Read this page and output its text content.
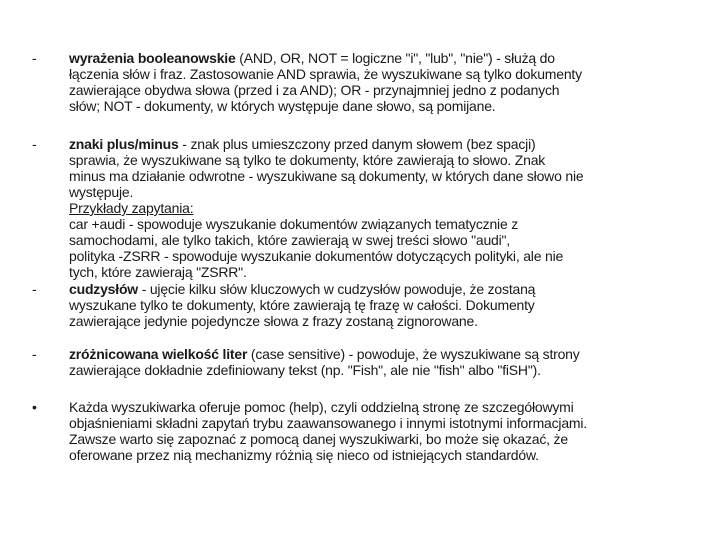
- wyrażenia booleanowskie (AND, OR, NOT = logiczne "i", "lub", "nie") - służą do
łączenia słów i fraz. Zastosowanie AND sprawia, że wyszukiwane są tylko dokumenty
zawierające obydwa słowa (przed i za AND); OR - przynajmniej jedno z podanych
słów; NOT - dokumenty, w których występuje dane słowo, są pomijane.
- znaki plus/minus - znak plus umieszczony przed danym słowem (bez spacji)
sprawia, że wyszukiwane są tylko te dokumenty, które zawierają to słowo. Znak
minus ma działanie odwrotne - wyszukiwane są dokumenty, w których dane słowo nie
występuje.
Przykłady zapytania:
car +audi - spowoduje wyszukanie dokumentów związanych tematycznie z
samochodami, ale tylko takich, które zawierają w swej treści słowo "audi",
polityka -ZSRR - spowoduje wyszukanie dokumentów dotyczących polityki, ale nie
tych, które zawierają "ZSRR".
- cudzysłów - ujęcie kilku słów kluczowych w cudzysłów powoduje, że zostaną
wyszukane tylko te dokumenty, które zawierają tę frazę w całości. Dokumenty
zawierające jedynie pojedyncze słowa z frazy zostaną zignorowane.
- zróżnicowana wielkość liter (case sensitive) - powoduje, że wyszukiwane są strony
zawierające dokładnie zdefiniowany tekst (np. "Fish", ale nie "fish" albo "fiSH").
• Każda wyszukiwarka oferuje pomoc (help), czyli oddzielną stronę ze szczegółowymi
objaśnieniami składni zapytań trybu zaawansowanego i innymi istotnymi informacjami.
Zawsze warto się zapoznać z pomocą danej wyszukiwarki, bo może się okazać, że
oferowane przez nią mechanizmy różnią się nieco od istniejących standardów.
